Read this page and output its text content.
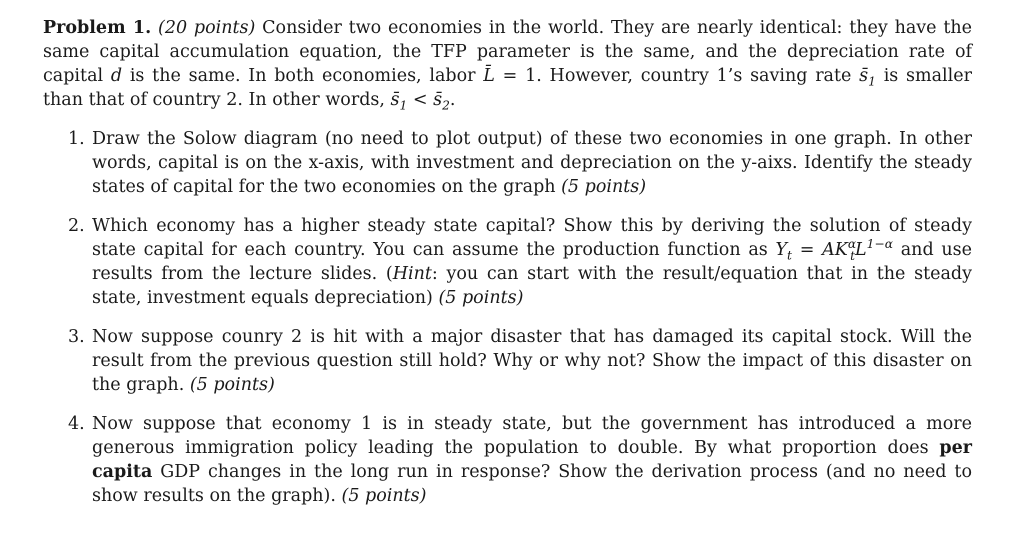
Problem 1. (20 points) Consider two economies in the world. They are nearly identical: they have the same capital accumulation equation, the TFP parameter is the same, and the depreciation rate of capital d is the same. In both economies, labor L̄ = 1. However, country 1’s saving rate $s̄_1$ is smaller than that of country 2. In other words, $s̄_1$ < $s̄_2$.

1. Draw the Solow diagram (no need to plot output) of these two economies in one graph. In other words, capital is on the x-axis, with investment and depreciation on the y-aixs. Identify the steady states of capital for the two economies on the graph (5 points)
2. Which economy has a higher steady state capital? Show this by deriving the solution of steady state capital for each country. You can assume the production function as $Y_t = AK^\alpha_tL^{1-\alpha}$ and use results from the lecture slides. (Hint: you can start with the result/equation that in the steady state, investment equals depreciation) (5 points)
3. Now suppose counry 2 is hit with a major disaster that has damaged its capital stock. Will the result from the previous question still hold? Why or why not? Show the impact of this disaster on the graph. (5 points)
4. Now suppose that economy 1 is in steady state, but the government has introduced a more generous immigration policy leading the population to double. By what proportion does per capita GDP changes in the long run in response? Show the derivation process (and no need to show results on the graph). (5 points)
